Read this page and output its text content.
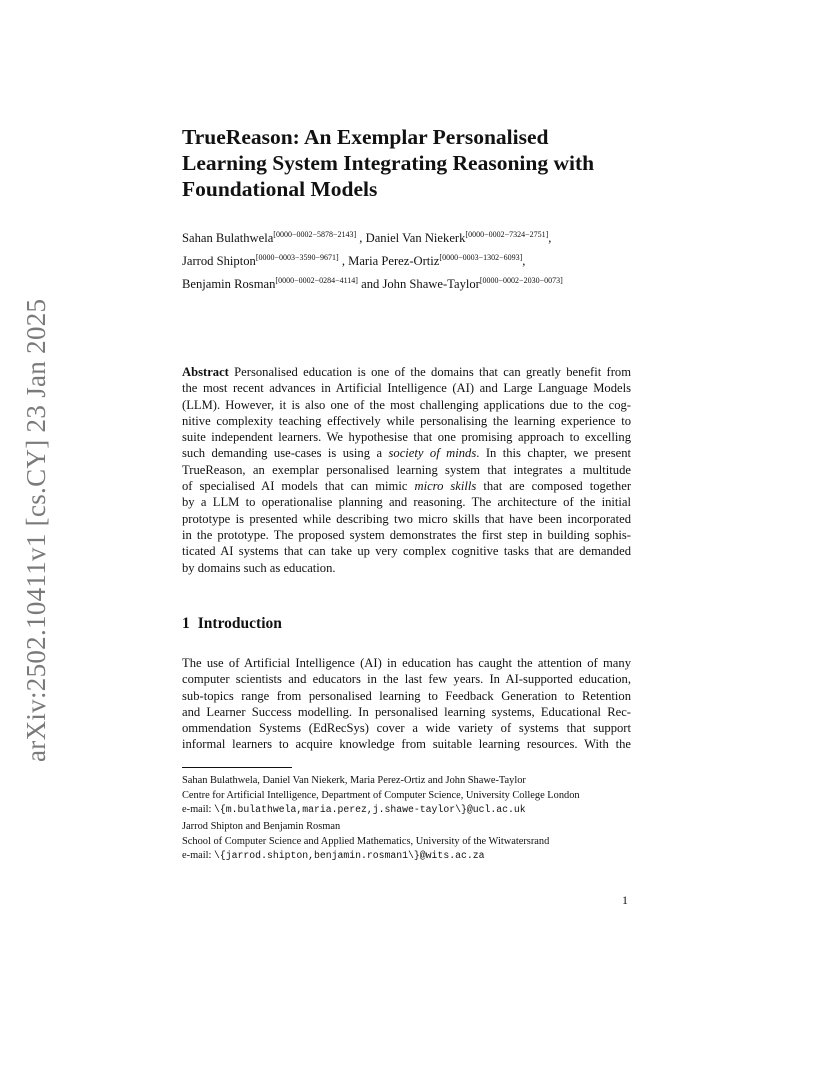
arXiv:2502.10411v1 [cs.CY] 23 Jan 2025
TrueReason: An Exemplar Personalised
Learning System Integrating Reasoning with
Foundational Models
Sahan Bulathwela[0000−0002−5878−2143] , Daniel Van Niekerk[0000−0002−7324−2751],
Jarrod Shipton[0000−0003−3590−9671] , Maria Perez-Ortiz[0000−0003−1302−6093],
Benjamin Rosman[0000−0002−0284−4114] and John Shawe-Taylor[0000−0002−2030−0073]
Abstract Personalised education is one of the domains that can greatly benefit from
the most recent advances in Artificial Intelligence (AI) and Large Language Models
(LLM). However, it is also one of the most challenging applications due to the cog-
nitive complexity teaching effectively while personalising the learning experience to
suite independent learners. We hypothesise that one promising approach to excelling
such demanding use-cases is using a society of minds. In this chapter, we present
TrueReason, an exemplar personalised learning system that integrates a multitude
of specialised AI models that can mimic micro skills that are composed together
by a LLM to operationalise planning and reasoning. The architecture of the initial
prototype is presented while describing two micro skills that have been incorporated
in the prototype. The proposed system demonstrates the first step in building sophis-
ticated AI systems that can take up very complex cognitive tasks that are demanded
by domains such as education.
1 Introduction
The use of Artificial Intelligence (AI) in education has caught the attention of many
computer scientists and educators in the last few years. In AI-supported education,
sub-topics range from personalised learning to Feedback Generation to Retention
and Learner Success modelling. In personalised learning systems, Educational Rec-
ommendation Systems (EdRecSys) cover a wide variety of systems that support
informal learners to acquire knowledge from suitable learning resources. With the
Sahan Bulathwela, Daniel Van Niekerk, Maria Perez-Ortiz and John Shawe-Taylor
Centre for Artificial Intelligence, Department of Computer Science, University College London
e-mail: \{m.bulathwela,maria.perez,j.shawe-taylor\}@ucl.ac.uk
Jarrod Shipton and Benjamin Rosman
School of Computer Science and Applied Mathematics, University of the Witwatersrand
e-mail: \{jarrod.shipton,benjamin.rosman1\}@wits.ac.za
1
